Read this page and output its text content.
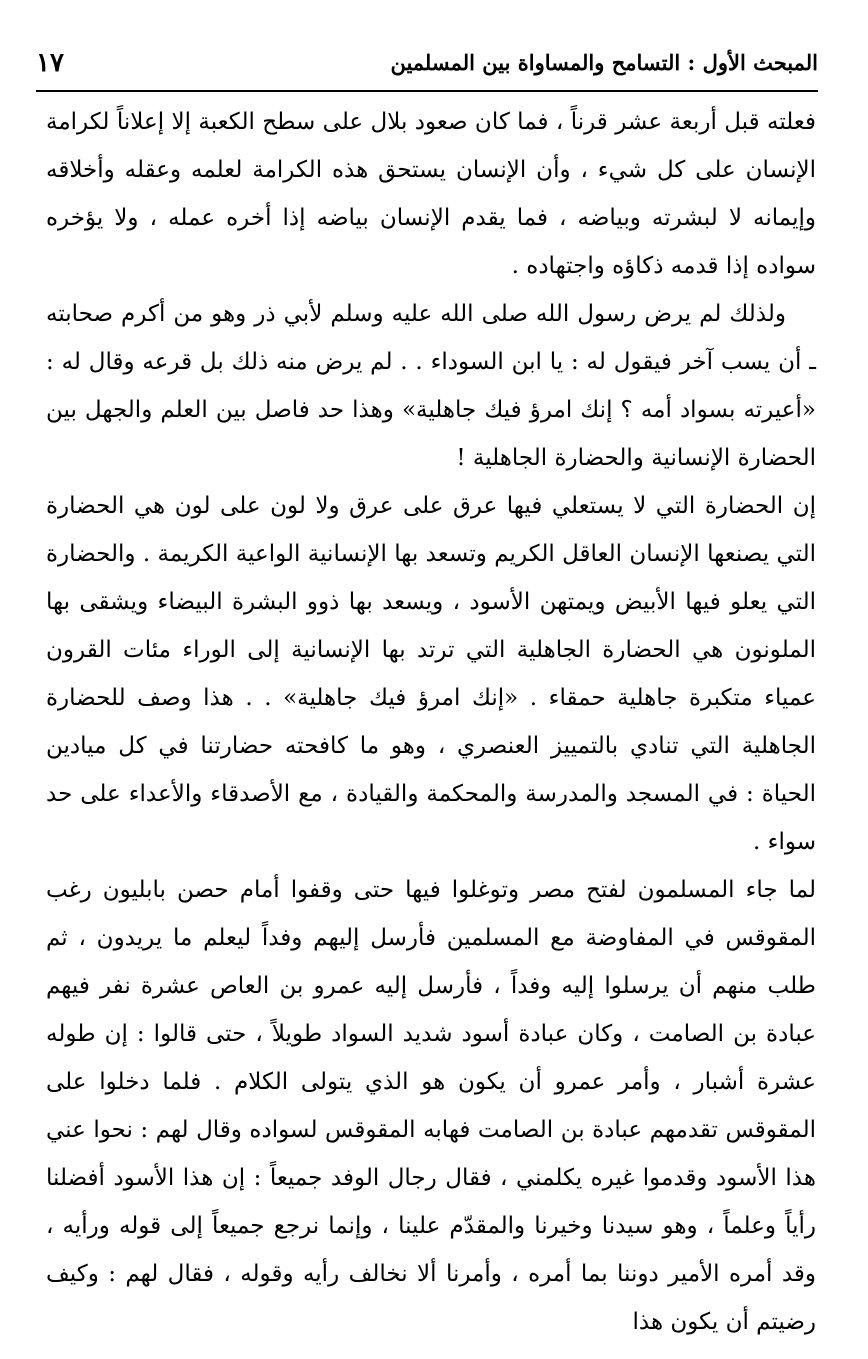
المبحث الأول : التسامح والمساواة بين المسلمين
١٧

فعلته قبل أربعة عشر قرناً ، فما كان صعود بلال على سطح الكعبة إلا إعلاناً لكرامة الإنسان على كل شيء ، وأن الإنسان يستحق هذه الكرامة لعلمه وعقله وأخلاقه وإيمانه لا لبشرته وبياضه ، فما يقدم الإنسان بياضه إذا أخره عمله ، ولا يؤخره سواده إذا قدمه ذكاؤه واجتهاده .

ولذلك لم يرض رسول الله صلى الله عليه وسلم لأبي ذر وهو من أكرم صحابته ـ أن يسب آخر فيقول له : يا ابن السوداء . . لم يرض منه ذلك بل قرعه وقال له : «أعيرته بسواد أمه ؟ إنك امرؤ فيك جاهلية» وهذا حد فاصل بين العلم والجهل بين الحضارة الإنسانية والحضارة الجاهلية !

إن الحضارة التي لا يستعلي فيها عرق على عرق ولا لون على لون هي الحضارة التي يصنعها الإنسان العاقل الكريم وتسعد بها الإنسانية الواعية الكريمة . والحضارة التي يعلو فيها الأبيض ويمتهن الأسود ، ويسعد بها ذوو البشرة البيضاء ويشقى بها الملونون هي الحضارة الجاهلية التي ترتد بها الإنسانية إلى الوراء مئات القرون عمياء متكبرة جاهلية حمقاء . «إنك امرؤ فيك جاهلية» . . هذا وصف للحضارة الجاهلية التي تنادي بالتمييز العنصري ، وهو ما كافحته حضارتنا في كل ميادين الحياة : في المسجد والمدرسة والمحكمة والقيادة ، مع الأصدقاء والأعداء على حد سواء .

لما جاء المسلمون لفتح مصر وتوغلوا فيها حتى وقفوا أمام حصن بابليون رغب المقوقس في المفاوضة مع المسلمين فأرسل إليهم وفداً ليعلم ما يريدون ، ثم طلب منهم أن يرسلوا إليه وفداً ، فأرسل إليه عمرو بن العاص عشرة نفر فيهم عبادة بن الصامت ، وكان عبادة أسود شديد السواد طويلاً ، حتى قالوا : إن طوله عشرة أشبار ، وأمر عمرو أن يكون هو الذي يتولى الكلام . فلما دخلوا على المقوقس تقدمهم عبادة بن الصامت فهابه المقوقس لسواده وقال لهم : نحوا عني هذا الأسود وقدموا غيره يكلمني ، فقال رجال الوفد جميعاً : إن هذا الأسود أفضلنا رأياً وعلماً ، وهو سيدنا وخيرنا والمقدّم علينا ، وإنما نرجع جميعاً إلى قوله ورأيه ، وقد أمره الأمير دوننا بما أمره ، وأمرنا ألا نخالف رأيه وقوله ، فقال لهم : وكيف رضيتم أن يكون هذا
